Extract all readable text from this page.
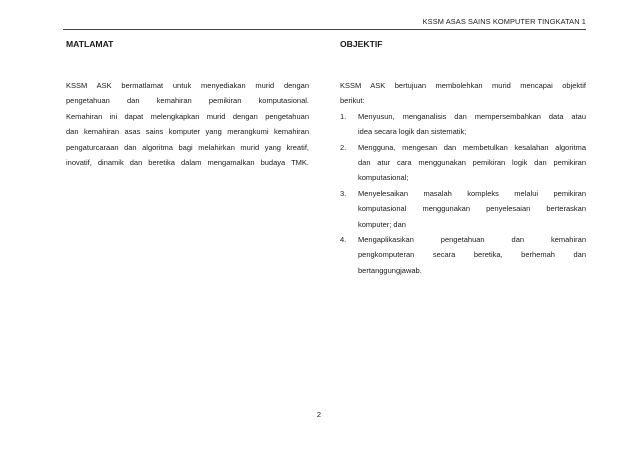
KSSM ASAS SAINS KOMPUTER TINGKATAN 1
MATLAMAT
KSSM ASK bermatlamat untuk menyediakan murid dengan
pengetahuan dan kemahiran pemikiran komputasional.
Kemahiran ini dapat melengkapkan murid dengan pengetahuan
dan kemahiran asas sains komputer yang merangkumi kemahiran
pengaturcaraan dan algoritma bagi melahirkan murid yang kreatif,
inovatif, dinamik dan beretika dalam mengamalkan budaya TMK.
OBJEKTIF
KSSM ASK bertujuan membolehkan murid mencapai objektif
berikut:
1. Menyusun, menganalisis dan mempersembahkan data atau
idea secara logik dan sistematik;
2. Mengguna, mengesan dan membetulkan kesalahan algoritma
dan atur cara menggunakan pemikiran logik dan pemikiran
komputasional;
3. Menyelesaikan masalah kompleks melalui pemikiran
komputasional menggunakan penyelesaian berteraskan
komputer; dan
4. Mengaplikasikan pengetahuan dan kemahiran
pengkomputeran secara beretika, berhemah dan
bertanggungjawab.
2
